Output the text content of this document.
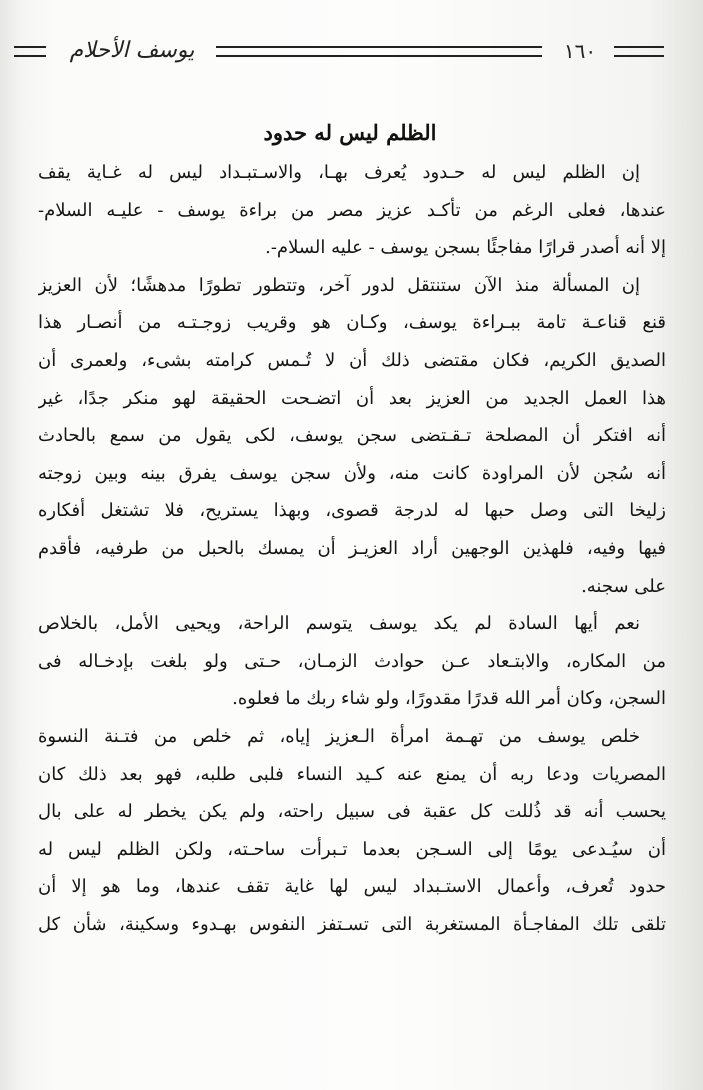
يوسف الأحلام	١٦٠
الظلم ليس له حدود
إن الظلم ليس له حـدود يُعرف بهـا، والاسـتبـداد ليس له غـاية يقف
عندها، فعلى الرغم من تأكـد عزيز مصر من براءة يوسف - عليـه السلام-
إلا أنه أصدر قرارًا مفاجئًا بسجن يوسف - عليه السلام-.
إن المسألة منذ الآن ستنتقل لدور آخر، وتتطور تطورًا مدهشًا؛ لأن العزيز
قنع قناعـة تامة ببـراءة يوسف، وكـان هو وقريب زوجـتـه من أنصـار هذا
الصديق الكريم، فكان مقتضى ذلك أن لا تُـمس كرامته بشىء، ولعمرى أن
هذا العمل الجديد من العزيز بعد أن اتضـحت الحقيقة لهو منكر جدًا، غير
أنه افتكر أن المصلحة تـقـتضى سجن يوسف، لكى يقول من سمع بالحادث
أنه سُجن لأن المراودة كانت منه، ولأن سجن يوسف يفرق بينه وبين زوجته
زليخا التى وصل حبها له لدرجة قصوى، وبهذا يستريح، فلا تشتغل أفكاره
فيها وفيه، فلهذين الوجهين أراد العزيـز أن يمسك بالحبل من طرفيه، فأقدم
على سجنه.
نعم أيها السادة لم يكد يوسف يتوسم الراحة، ويحيى الأمل، بالخلاص
من المكاره، والابتـعاد عـن حوادث الزمـان، حـتى ولو بلغت بإدخـاله فى
السجن، وكان أمر الله قدرًا مقدورًا، ولو شاء ربك ما فعلوه.
خلص يوسف من تهـمة امرأة الـعزيز إياه، ثم خلص من فتـنة النسوة
المصريات ودعا ربه أن يمنع عنه كـيد النساء فلبى طلبه، فهو بعد ذلك كان
يحسب أنه قد ذُللت كل عقبة فى سبيل راحته، ولم يكن يخطر له على بال
أن سيُـدعى يومًا إلى السـجن بعدما تـبرأت ساحـته، ولكن الظلم ليس له
حدود تُعرف، وأعمال الاستـبداد ليس لها غاية تقف عندها، وما هو إلا أن
تلقى تلك المفاجـأة المستغربة التى تسـتفز النفوس بهـدوء وسكينة، شأن كل
